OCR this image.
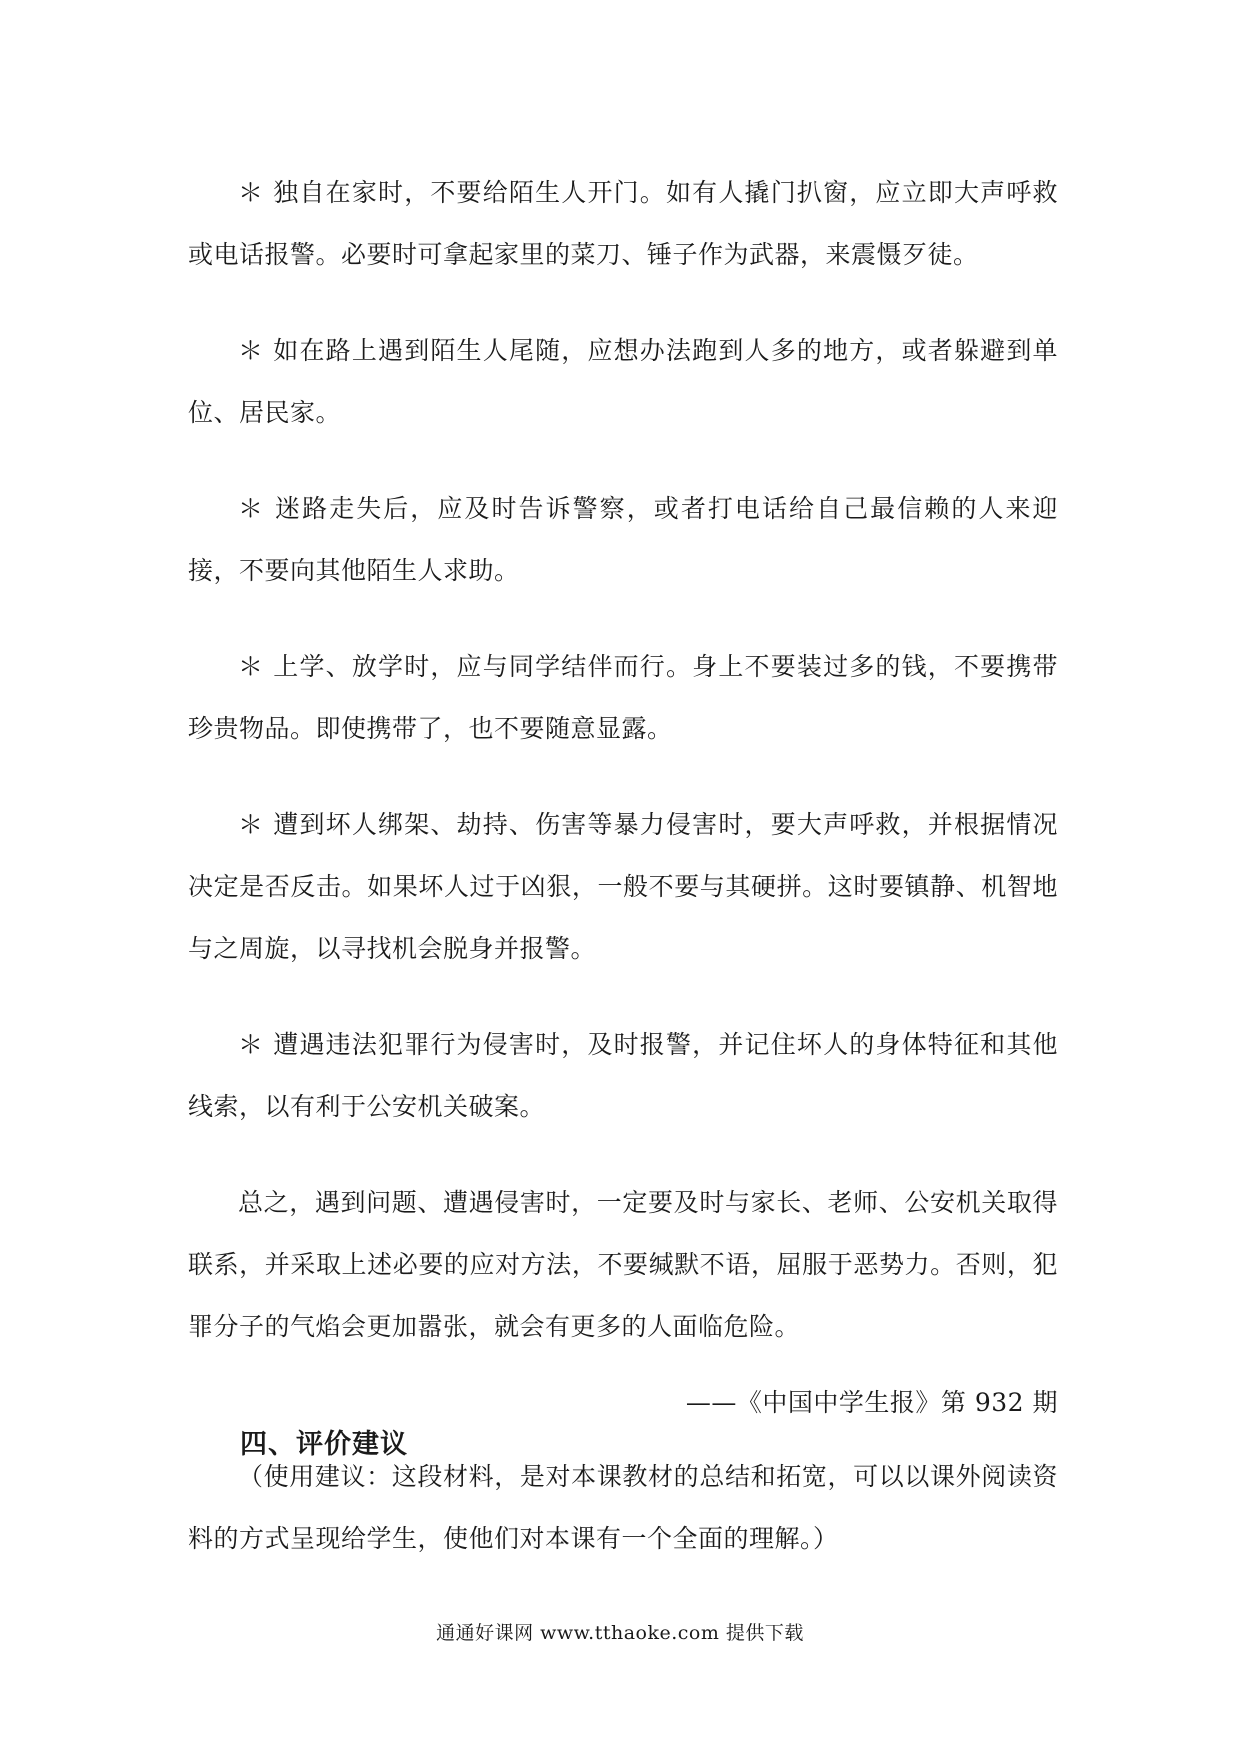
＊ 独自在家时，不要给陌生人开门。如有人撬门扒窗，应立即大声呼救或电话报警。必要时可拿起家里的菜刀、锤子作为武器，来震慑歹徒。

＊ 如在路上遇到陌生人尾随，应想办法跑到人多的地方，或者躲避到单位、居民家。

＊ 迷路走失后，应及时告诉警察，或者打电话给自己最信赖的人来迎接，不要向其他陌生人求助。

＊ 上学、放学时，应与同学结伴而行。身上不要装过多的钱，不要携带珍贵物品。即使携带了，也不要随意显露。

＊ 遭到坏人绑架、劫持、伤害等暴力侵害时，要大声呼救，并根据情况决定是否反击。如果坏人过于凶狠，一般不要与其硬拼。这时要镇静、机智地与之周旋，以寻找机会脱身并报警。

＊ 遭遇违法犯罪行为侵害时，及时报警，并记住坏人的身体特征和其他线索，以有利于公安机关破案。

总之，遇到问题、遭遇侵害时，一定要及时与家长、老师、公安机关取得联系，并采取上述必要的应对方法，不要缄默不语，屈服于恶势力。否则，犯罪分子的气焰会更加嚣张，就会有更多的人面临危险。

——《中国中学生报》第 932 期

（使用建议：这段材料，是对本课教材的总结和拓宽，可以以课外阅读资料的方式呈现给学生，使他们对本课有一个全面的理解。）

四、评价建议
通通好课网 www.tthaoke.com 提供下载
